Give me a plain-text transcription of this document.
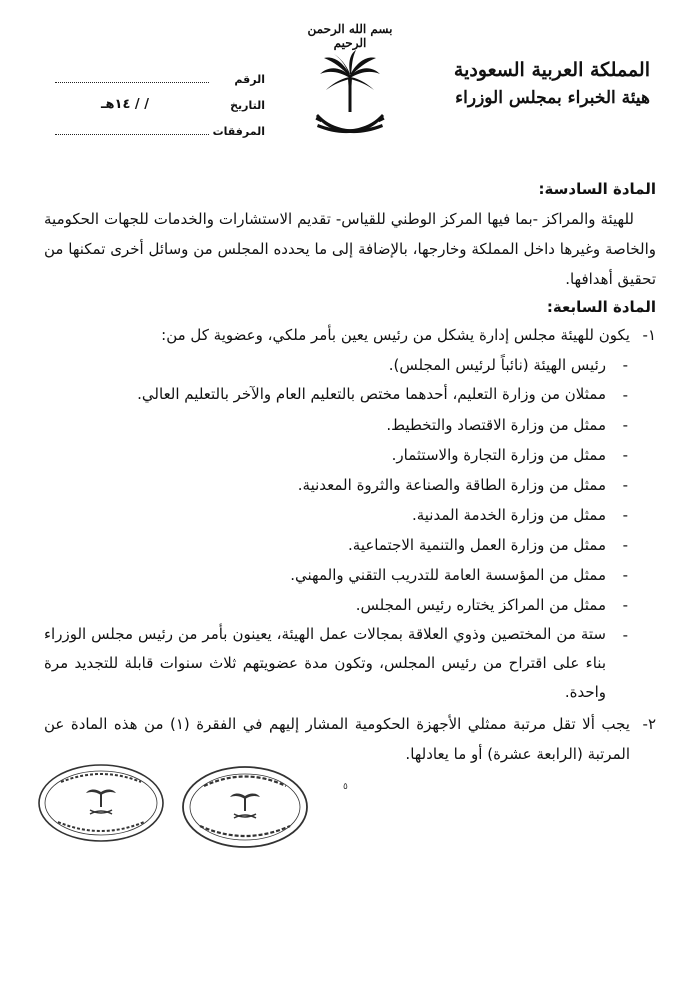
بسم الله الرحمن الرحيم
المملكة العربية السعودية
هيئة الخبراء بمجلس الوزراء
الرقم
التاريخ
/ / ١٤هـ
المرفقات
المادة السادسة:
للهيئة والمراكز -بما فيها المركز الوطني للقياس- تقديم الاستشارات والخدمات للجهات الحكومية والخاصة وغيرها داخل المملكة وخارجها، بالإضافة إلى ما يحدده المجلس من وسائل أخرى تمكنها من تحقيق أهدافها.
المادة السابعة:
١-
يكون للهيئة مجلس إدارة يشكل من رئيس يعين بأمر ملكي، وعضوية كل من:
-
رئيس الهيئة (نائباً لرئيس المجلس).
-
ممثلان من وزارة التعليم، أحدهما مختص بالتعليم العام والآخر بالتعليم العالي.
-
ممثل من وزارة الاقتصاد والتخطيط.
-
ممثل من وزارة التجارة والاستثمار.
-
ممثل من وزارة الطاقة والصناعة والثروة المعدنية.
-
ممثل من وزارة الخدمة المدنية.
-
ممثل من وزارة العمل والتنمية الاجتماعية.
-
ممثل من المؤسسة العامة للتدريب التقني والمهني.
-
ممثل من المراكز يختاره رئيس المجلس.
-
ستة من المختصين وذوي العلاقة بمجالات عمل الهيئة، يعينون بأمر من رئيس مجلس الوزراء بناء على اقتراح من رئيس المجلس، وتكون مدة عضويتهم ثلاث سنوات قابلة للتجديد مرة واحدة.
٢-
يجب ألا تقل مرتبة ممثلي الأجهزة الحكومية المشار إليهم في الفقرة (١) من هذه المادة عن المرتبة (الرابعة عشرة) أو ما يعادلها.
٥
